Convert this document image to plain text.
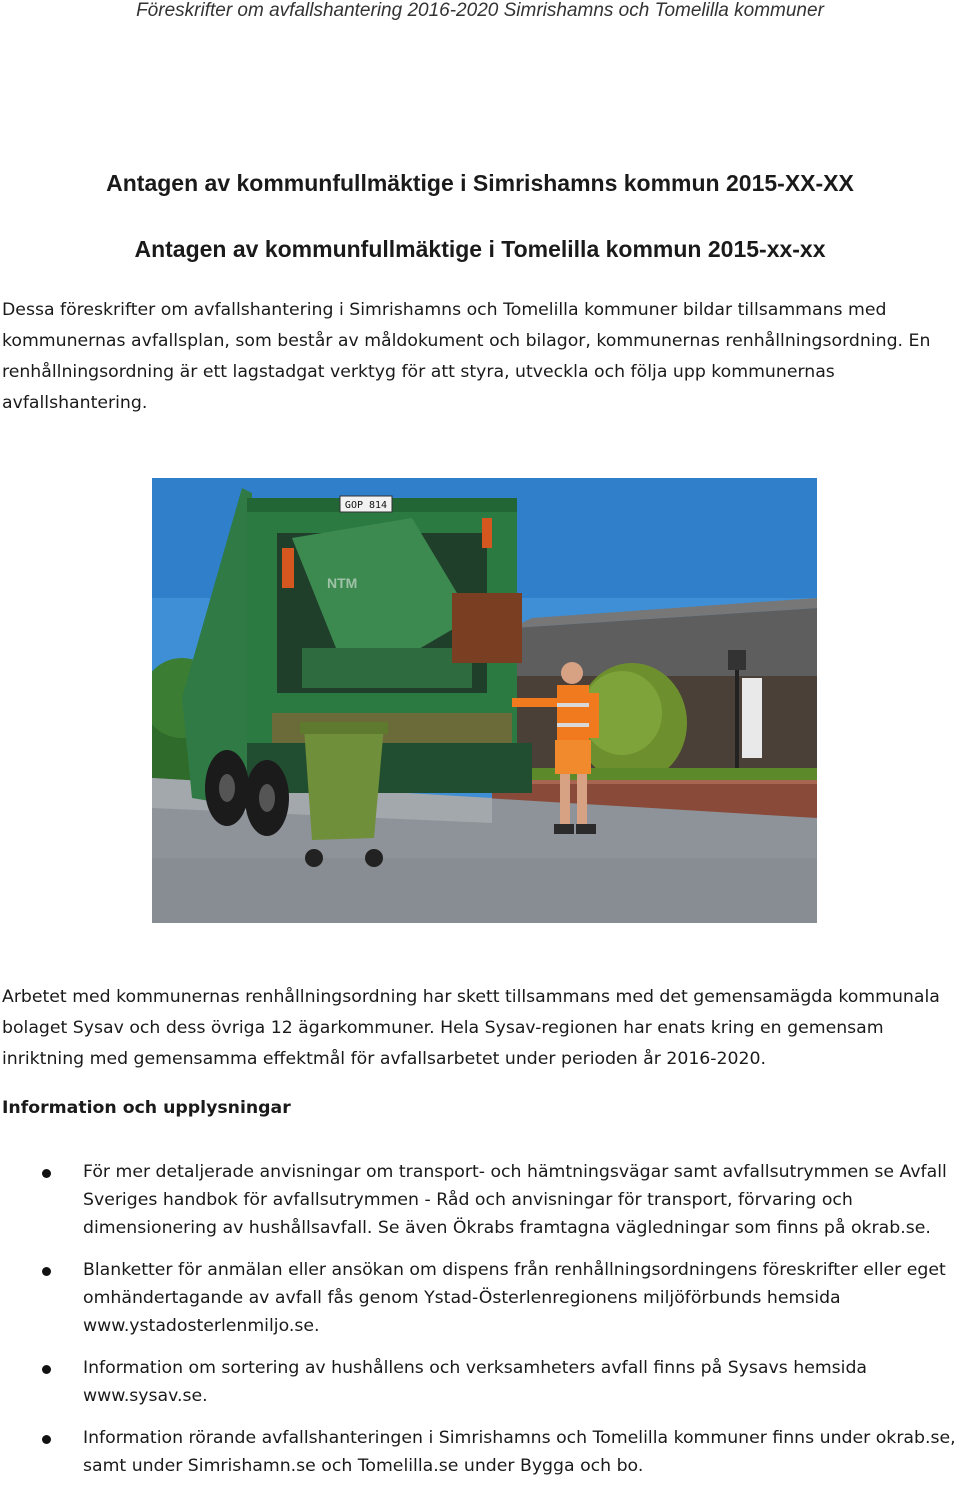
Föreskrifter om avfallshantering 2016-2020 Simrishamns och Tomelilla kommuner
Antagen av kommunfullmäktige i Simrishamns kommun 2015-XX-XX
Antagen av kommunfullmäktige i Tomelilla kommun 2015-xx-xx

Dessa föreskrifter om avfallshantering i Simrishamns och Tomelilla kommuner bildar tillsammans med kommunernas avfallsplan, som består av måldokument och bilagor, kommunernas renhållningsordning. En renhållningsordning är ett lagstadgat verktyg för att styra, utveckla och följa upp kommunernas avfallshantering.

GOP 814
NTM

Arbetet med kommunernas renhållningsordning har skett tillsammans med det gemensamägda kommunala bolaget Sysav och dess övriga 12 ägarkommuner. Hela Sysav-regionen har enats kring en gemensam inriktning med gemensamma effektmål för avfallsarbetet under perioden år 2016-2020.

Information och upplysningar
För mer detaljerade anvisningar om transport- och hämtningsvägar samt avfallsutrymmen se Avfall Sveriges handbok för avfallsutrymmen - Råd och anvisningar för transport, förvaring och dimensionering av hushållsavfall. Se även Ökrabs framtagna vägledningar som finns på okrab.se.
Blanketter för anmälan eller ansökan om dispens från renhållningsordningens föreskrifter eller eget omhändertagande av avfall fås genom Ystad-Österlenregionens miljöförbunds hemsida www.ystadosterlenmiljo.se.
Information om sortering av hushållens och verksamheters avfall finns på Sysavs hemsida www.sysav.se.
Information rörande avfallshanteringen i Simrishamns och Tomelilla kommuner finns under okrab.se, samt under Simrishamn.se och Tomelilla.se under Bygga och bo.
